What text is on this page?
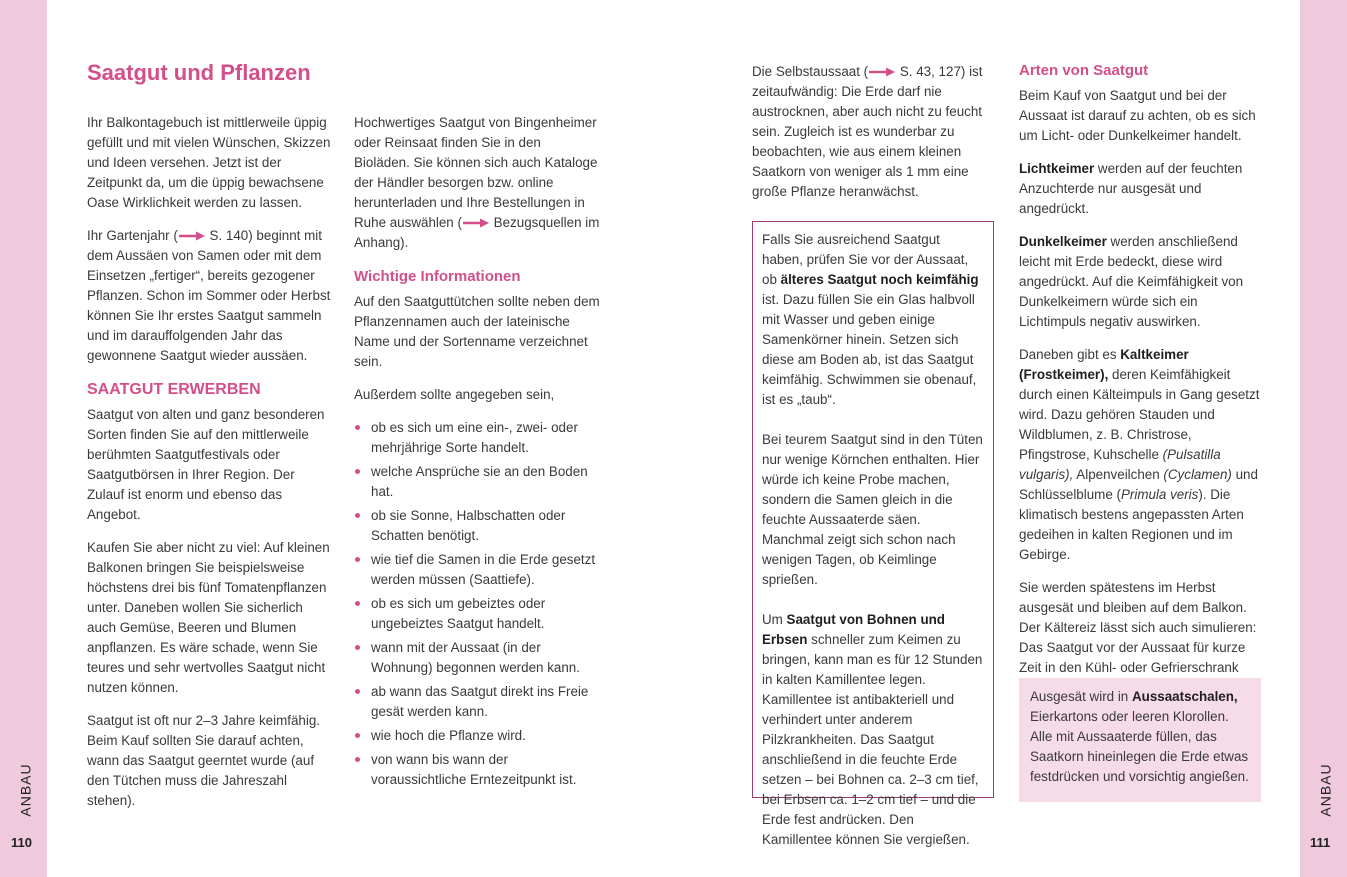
ANBAU
110
ANBAU
111
Saatgut und Pflanzen

Ihr Balkontagebuch ist mittlerweile üppig gefüllt und mit vielen Wünschen, Skizzen und Ideen versehen. Jetzt ist der Zeitpunkt da, um die üppig bewachsene Oase Wirklichkeit werden zu lassen.

Ihr Gartenjahr ( S. 140) beginnt mit dem Aussäen von Samen oder mit dem Einsetzen „fertiger“, bereits gezogener Pflanzen. Schon im Sommer oder Herbst können Sie Ihr erstes Saatgut sammeln und im darauffolgenden Jahr das gewonnene Saatgut wieder aussäen.

SAATGUT ERWERBEN

Saatgut von alten und ganz besonderen Sorten finden Sie auf den mittlerweile berühmten Saatgutfestivals oder Saatgutbörsen in Ihrer Region. Der Zulauf ist enorm und ebenso das Angebot.

Kaufen Sie aber nicht zu viel: Auf kleinen Balkonen bringen Sie beispielsweise höchstens drei bis fünf Tomatenpflanzen unter. Daneben wollen Sie sicherlich auch Gemüse, Beeren und Blumen anpflanzen. Es wäre schade, wenn Sie teures und sehr wertvolles Saatgut nicht nutzen können.

Saatgut ist oft nur 2–3 Jahre keimfähig. Beim Kauf sollten Sie darauf achten, wann das Saatgut geerntet wurde (auf den Tütchen muss die Jahreszahl stehen).

Hochwertiges Saatgut von Bingenheimer oder Reinsaat finden Sie in den Bioläden. Sie können sich auch Kataloge der Händler besorgen bzw. online herunterladen und Ihre Bestellungen in Ruhe auswählen ( Bezugsquellen im Anhang).

Wichtige Informationen

Auf den Saatguttütchen sollte neben dem Pflanzennamen auch der lateinische Name und der Sortenname verzeichnet sein.

Außerdem sollte angegeben sein,

ob es sich um eine ein-, zwei- oder mehrjährige Sorte handelt.
welche Ansprüche sie an den Boden hat.
ob sie Sonne, Halbschatten oder Schatten benötigt.
wie tief die Samen in die Erde gesetzt werden müssen (Saattiefe).
ob es sich um gebeiztes oder ungebeiztes Saatgut handelt.
wann mit der Aussaat (in der Wohnung) begonnen werden kann.
ab wann das Saatgut direkt ins Freie gesät werden kann.
wie hoch die Pflanze wird.
von wann bis wann der voraussichtliche Erntezeitpunkt ist.

Die Selbstaussaat ( S. 43, 127) ist zeitaufwändig: Die Erde darf nie austrocknen, aber auch nicht zu feucht sein. Zugleich ist es wunderbar zu beobachten, wie aus einem kleinen Saatkorn von weniger als 1 mm eine große Pflanze heranwächst.

Falls Sie ausreichend Saatgut haben, prüfen Sie vor der Aussaat, ob älteres Saatgut noch keimfähig ist. Dazu füllen Sie ein Glas halbvoll mit Wasser und geben einige Samenkörner hinein. Setzen sich diese am Boden ab, ist das Saatgut keimfähig. Schwimmen sie obenauf, ist es „taub“.

Bei teurem Saatgut sind in den Tüten nur wenige Körnchen enthalten. Hier würde ich keine Probe machen, sondern die Samen gleich in die feuchte Aussaaterde säen. Manchmal zeigt sich schon nach wenigen Tagen, ob Keimlinge sprießen.

Um Saatgut von Bohnen und Erbsen schneller zum Keimen zu bringen, kann man es für 12 Stunden in kalten Kamillentee legen. Kamillentee ist antibakteriell und verhindert unter anderem Pilzkrankheiten. Das Saatgut anschließend in die feuchte Erde setzen – bei Bohnen ca. 2–3 cm tief, bei Erbsen ca. 1–2 cm tief – und die Erde fest andrücken. Den Kamillentee können Sie vergießen.

Arten von Saatgut

Beim Kauf von Saatgut und bei der Aussaat ist darauf zu achten, ob es sich um Licht- oder Dunkelkeimer handelt.

Lichtkeimer werden auf der feuchten Anzuchterde nur ausgesät und angedrückt.

Dunkelkeimer werden anschließend leicht mit Erde bedeckt, diese wird angedrückt. Auf die Keimfähigkeit von Dunkelkeimern würde sich ein Lichtimpuls negativ auswirken.

Daneben gibt es Kaltkeimer (Frostkeimer), deren Keimfähigkeit durch einen Kälteimpuls in Gang gesetzt wird. Dazu gehören Stauden und Wildblumen, z. B. Christrose, Pfingstrose, Kuhschelle (Pulsatilla vulgaris), Alpenveilchen (Cyclamen) und Schlüsselblume (Primula veris). Die klimatisch bestens angepassten Arten gedeihen in kalten Regionen und im Gebirge.

Sie werden spätestens im Herbst ausgesät und bleiben auf dem Balkon. Der Kältereiz lässt sich auch simulieren: Das Saatgut vor der Aussaat für kurze Zeit in den Kühl- oder Gefrierschrank

Ausgesät wird in Aussaatschalen, Eierkartons oder leeren Klorollen. Alle mit Aussaaterde füllen, das Saatkorn hineinlegen die Erde etwas festdrücken und vorsichtig angießen.
